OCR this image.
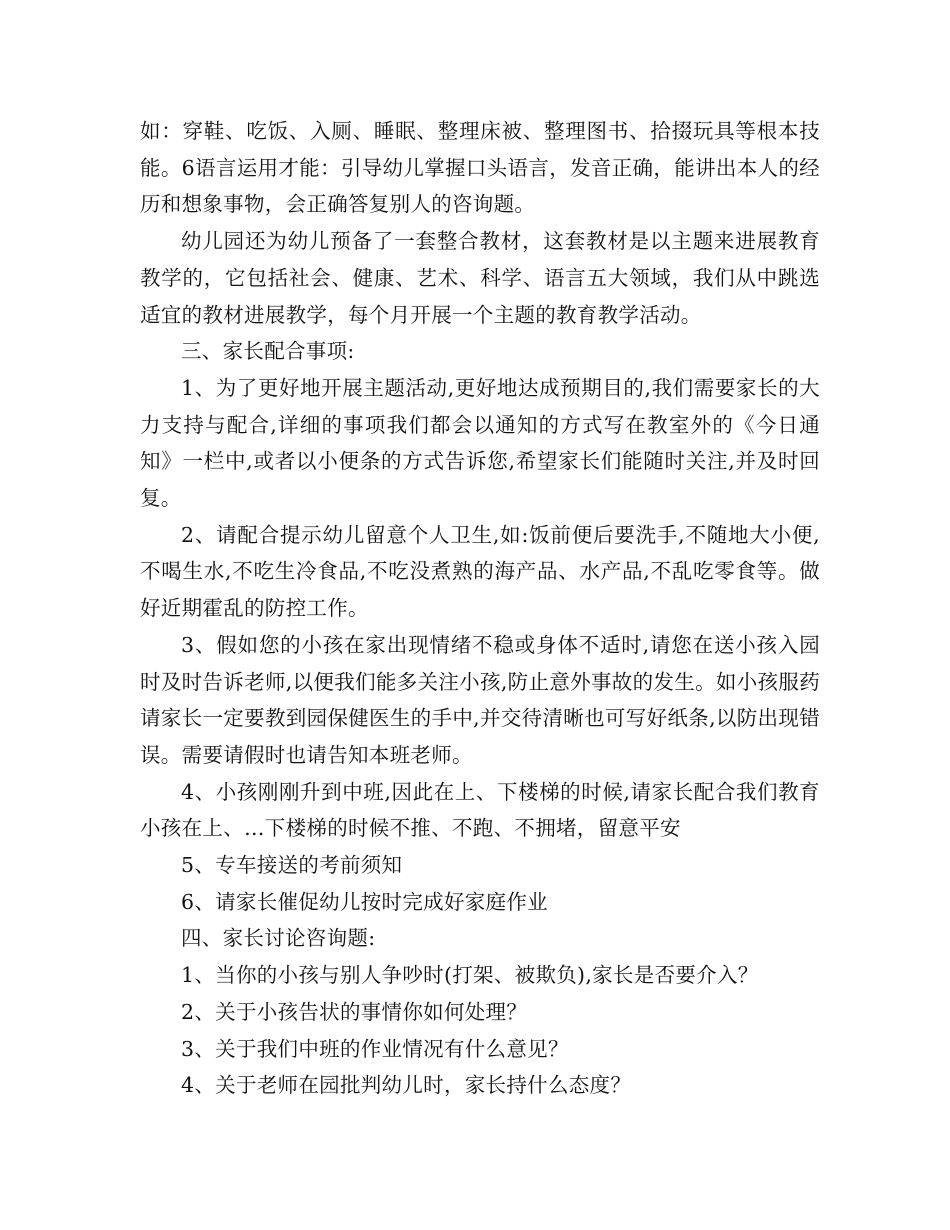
如：穿鞋、吃饭、入厕、睡眠、整理床被、整理图书、拾掇玩具等根本技能。6语言运用才能：引导幼儿掌握口头语言，发音正确，能讲出本人的经历和想象事物，会正确答复别人的咨询题。

幼儿园还为幼儿预备了一套整合教材，这套教材是以主题来进展教育教学的，它包括社会、健康、艺术、科学、语言五大领域，我们从中跳选适宜的教材进展教学，每个月开展一个主题的教育教学活动。

三、家长配合事项:

1、为了更好地开展主题活动,更好地达成预期目的,我们需要家长的大力支持与配合,详细的事项我们都会以通知的方式写在教室外的《今日通知》一栏中,或者以小便条的方式告诉您,希望家长们能随时关注,并及时回复。

2、请配合提示幼儿留意个人卫生,如:饭前便后要洗手,不随地大小便,不喝生水,不吃生冷食品,不吃没煮熟的海产品、水产品,不乱吃零食等。做好近期霍乱的防控工作。

3、假如您的小孩在家出现情绪不稳或身体不适时,请您在送小孩入园时及时告诉老师,以便我们能多关注小孩,防止意外事故的发生。如小孩服药请家长一定要教到园保健医生的手中,并交待清晰也可写好纸条,以防出现错误。需要请假时也请告知本班老师。

4、小孩刚刚升到中班,因此在上、下楼梯的时候,请家长配合我们教育小孩在上、…下楼梯的时候不推、不跑、不拥堵，留意平安

5、专车接送的考前须知

6、请家长催促幼儿按时完成好家庭作业

四、家长讨论咨询题:

1、当你的小孩与别人争吵时(打架、被欺负),家长是否要介入？

2、关于小孩告状的事情你如何处理？

3、关于我们中班的作业情况有什么意见？

4、关于老师在园批判幼儿时，家长持什么态度？
